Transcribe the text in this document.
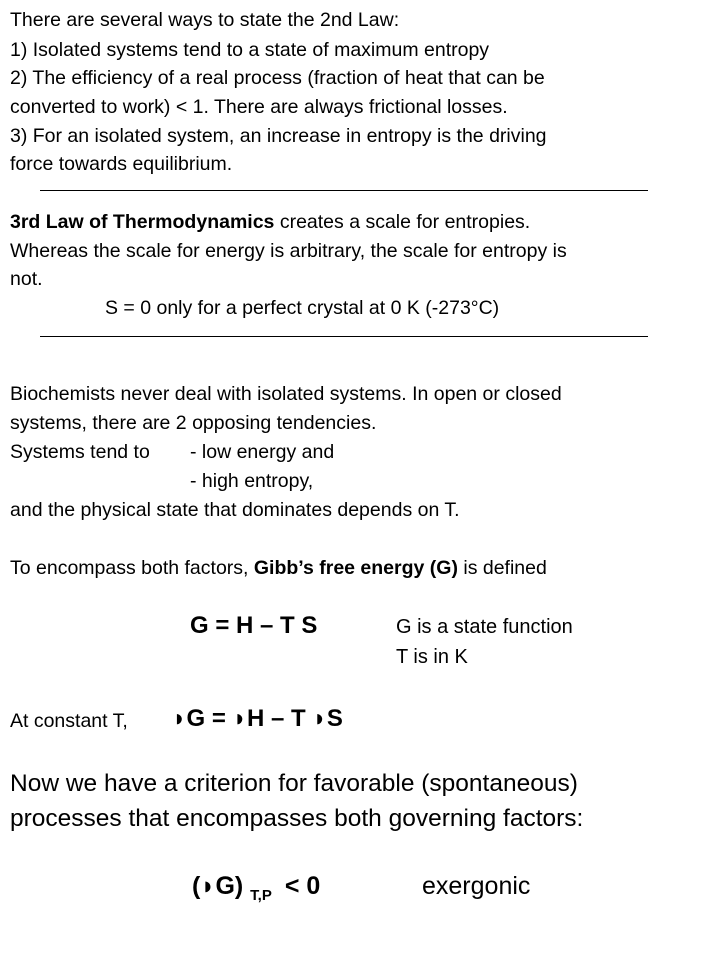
There are several ways to state the 2nd Law:
1) Isolated systems tend to a state of maximum entropy
2) The efficiency of a real process (fraction of heat that can be
converted to work) < 1. There are always frictional losses.
3) For an isolated system, an increase in entropy is the driving
force towards equilibrium.
3rd Law of Thermodynamics creates a scale for entropies.
Whereas the scale for energy is arbitrary, the scale for entropy is
not.
S = 0 only for a perfect crystal at 0 K (-273°C)
Biochemists never deal with isolated systems. In open or closed
systems, there are 2 opposing tendencies.
Systems tend to - low energy and
- high entropy,
and the physical state that dominates depends on T.
To encompass both factors, Gibb’s free energy (G) is defined
G = H – T S	G is a state function
T is in K
At constant T, ◗G = ◗H – T ◗S
Now we have a criterion for favorable (spontaneous)
processes that encompasses both governing factors:
(◗G) $_{T,P}$ < 0	exergonic
